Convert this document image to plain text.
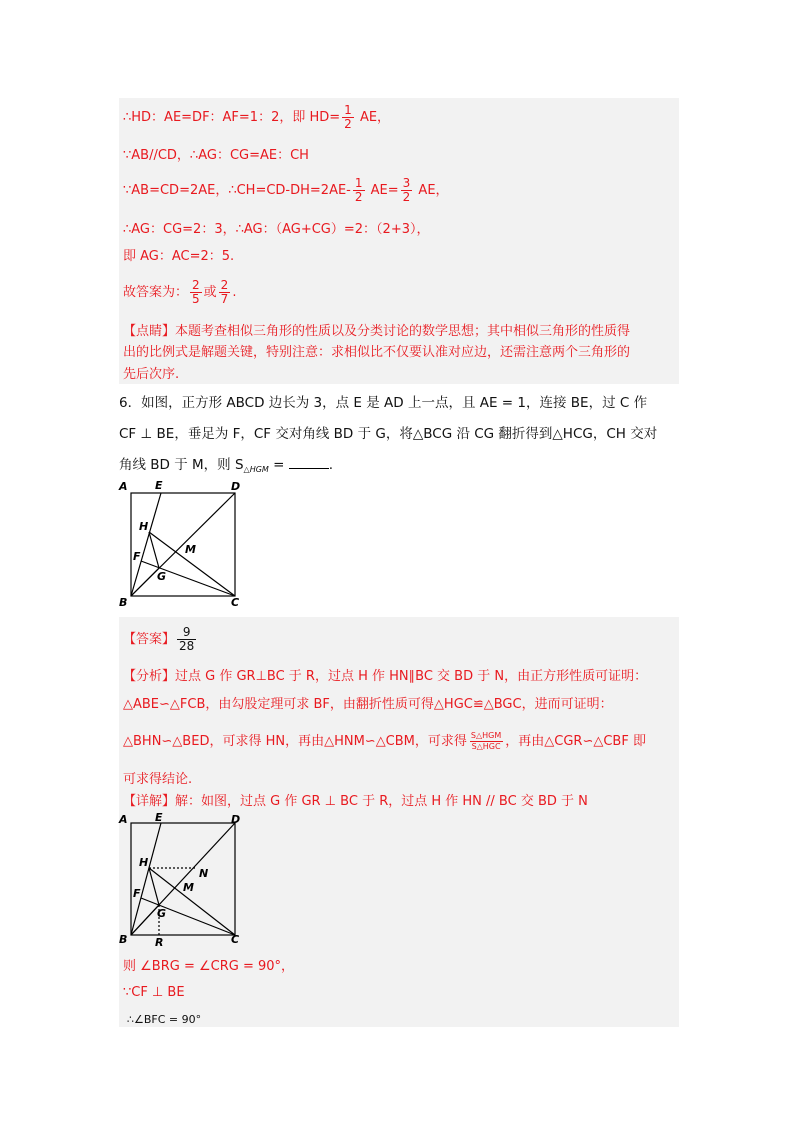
∴HD：AE=DF：AF=1：2，即 $HD= \frac{1}{2}$ AE，
∵AB//CD，∴AG：CG=AE：CH
∵AB=CD=2AE，∴CH=CD-DH=2AE- $\frac{1}{2} AE= \frac{3}{2}$ AE，
∴AG：CG=2：3，∴AG：（AG+CG）=2：（2+3），
即 AG：AC=2：5.
故答案为： $\frac{2}{5}$ 或 $\frac{2}{7}$ .
【点睛】本题考查相似三角形的性质以及分类讨论的数学思想；其中相似三角形的性质得
出的比例式是解题关键，特别注意：求相似比不仅要认准对应边，还需注意两个三角形的
先后次序.
6．如图，正方形 ABCD 边长为 3，点 E 是 AD 上一点，且 AE = 1，连接 BE，过 C 作
CF ⊥ BE，垂足为 F，CF 交对角线 BD 于 G，将△BCG 沿 CG 翻折得到△HCG，CH 交对
角线 BD 于 M，则 $S_{\triangle HGM}$ =	.
A E	D
H
F
M
G
B	C
【答案】 $\frac{9}{28}$
【分析】过点 G 作 GR⊥BC 于 R，过点 H 作 HN∥BC 交 BD 于 N，由正方形性质可证明：
△ABE∽△FCB，由勾股定理可求 BF，由翻折性质可得△HGC≌△BGC，进而可证明：
△BHN∽△BED，可求得 HN，再由△HNM∽△CBM，可求得 $\frac{\text{S△HGM}}{\text{S△HGC}}$ ，再由△CGR∽△CBF 即
可求得结论.
【详解】解：如图，过点 G 作 GR ⊥ BC 于 R，过点 H 作 HN // BC 交 BD 于 N
A E	D
H
N
F	M
G
B	R	C
则 ∠BRG = ∠CRG = 90°，
∵CF ⊥ BE
∴∠BFC = 90°
